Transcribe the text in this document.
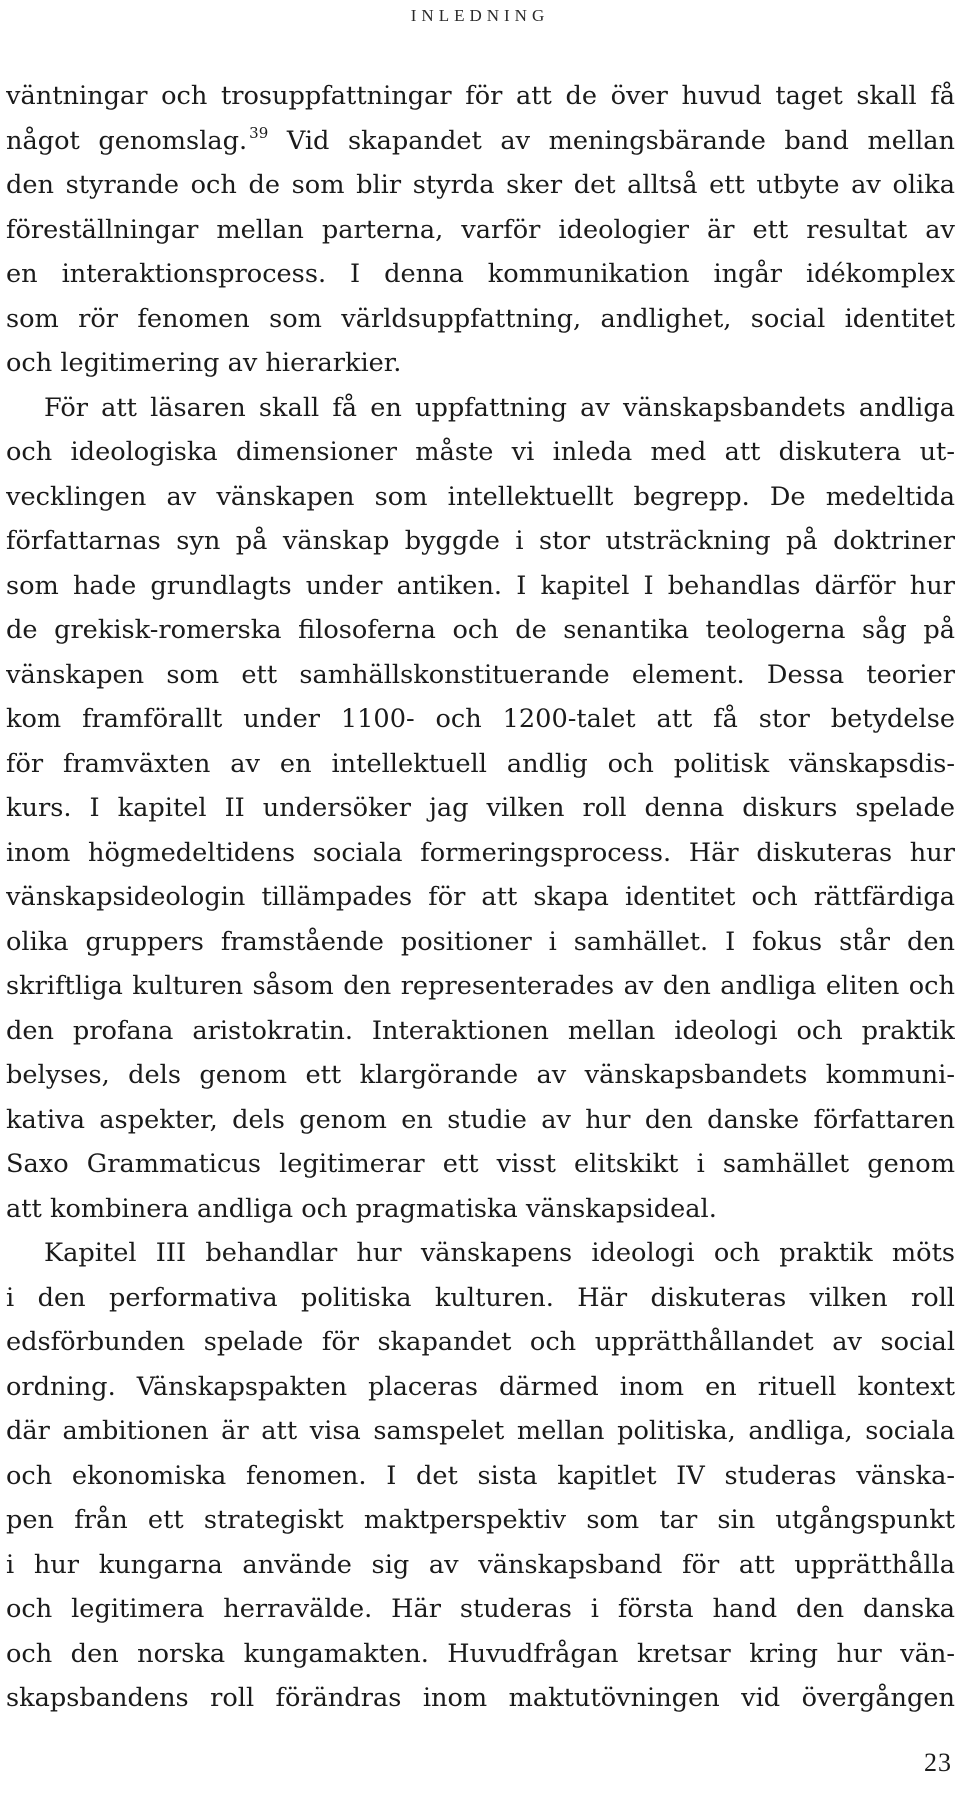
INLEDNING
väntningar och trosuppfattningar för att de över huvud taget skall få
något genomslag. $^{39}$ Vid skapandet av meningsbärande band mellan
den styrande och de som blir styrda sker det alltså ett utbyte av olika
föreställningar mellan parterna, varför ideologier är ett resultat av
en interaktionsprocess. I denna kommunikation ingår idékomplex
som rör fenomen som världsuppfattning, andlighet, social identitet
och legitimering av hierarkier.
För att läsaren skall få en uppfattning av vänskapsbandets andliga
och ideologiska dimensioner måste vi inleda med att diskutera ut-
vecklingen av vänskapen som intellektuellt begrepp. De medeltida
författarnas syn på vänskap byggde i stor utsträckning på doktriner
som hade grundlagts under antiken. I kapitel I behandlas därför hur
de grekisk-romerska filosoferna och de senantika teologerna såg på
vänskapen som ett samhällskonstituerande element. Dessa teorier
kom framförallt under 1100- och 1200-talet att få stor betydelse
för framväxten av en intellektuell andlig och politisk vänskapsdis-
kurs. I kapitel II undersöker jag vilken roll denna diskurs spelade
inom högmedeltidens sociala formeringsprocess. Här diskuteras hur
vänskapsideologin tillämpades för att skapa identitet och rättfärdiga
olika gruppers framstående positioner i samhället. I fokus står den
skriftliga kulturen såsom den representerades av den andliga eliten och
den profana aristokratin. Interaktionen mellan ideologi och praktik
belyses, dels genom ett klargörande av vänskapsbandets kommuni-
kativa aspekter, dels genom en studie av hur den danske författaren
Saxo Grammaticus legitimerar ett visst elitskikt i samhället genom
att kombinera andliga och pragmatiska vänskapsideal.
Kapitel III behandlar hur vänskapens ideologi och praktik möts
i den performativa politiska kulturen. Här diskuteras vilken roll
edsförbunden spelade för skapandet och upprätthållandet av social
ordning. Vänskapspakten placeras därmed inom en rituell kontext
där ambitionen är att visa samspelet mellan politiska, andliga, sociala
och ekonomiska fenomen. I det sista kapitlet IV studeras vänska-
pen från ett strategiskt maktperspektiv som tar sin utgångspunkt
i hur kungarna använde sig av vänskapsband för att upprätthålla
och legitimera herravälde. Här studeras i första hand den danska
och den norska kungamakten. Huvudfrågan kretsar kring hur vän-
skapsbandens roll förändras inom maktutövningen vid övergången
23
